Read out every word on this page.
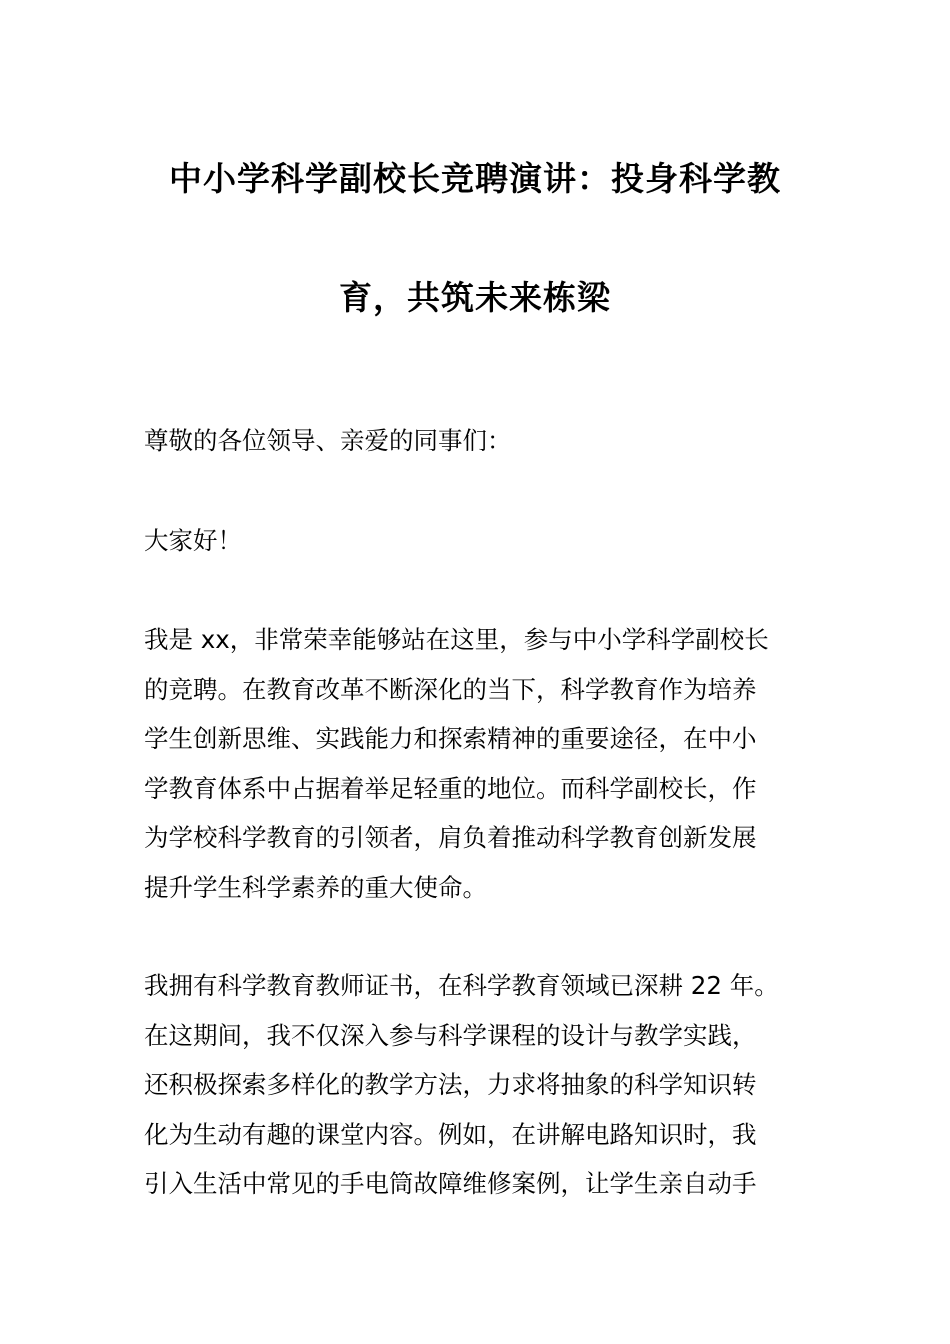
中小学科学副校长竞聘演讲：投身科学教
育，共筑未来栋梁
尊敬的各位领导、亲爱的同事们：
大家好！
我是 xx，非常荣幸能够站在这里，参与中小学科学副校长
的竞聘。在教育改革不断深化的当下，科学教育作为培养
学生创新思维、实践能力和探索精神的重要途径，在中小
学教育体系中占据着举足轻重的地位。而科学副校长，作
为学校科学教育的引领者，肩负着推动科学教育创新发展
提升学生科学素养的重大使命。
我拥有科学教育教师证书，在科学教育领域已深耕 22 年。
在这期间，我不仅深入参与科学课程的设计与教学实践，
还积极探索多样化的教学方法，力求将抽象的科学知识转
化为生动有趣的课堂内容。例如，在讲解电路知识时，我
引入生活中常见的手电筒故障维修案例，让学生亲自动手
